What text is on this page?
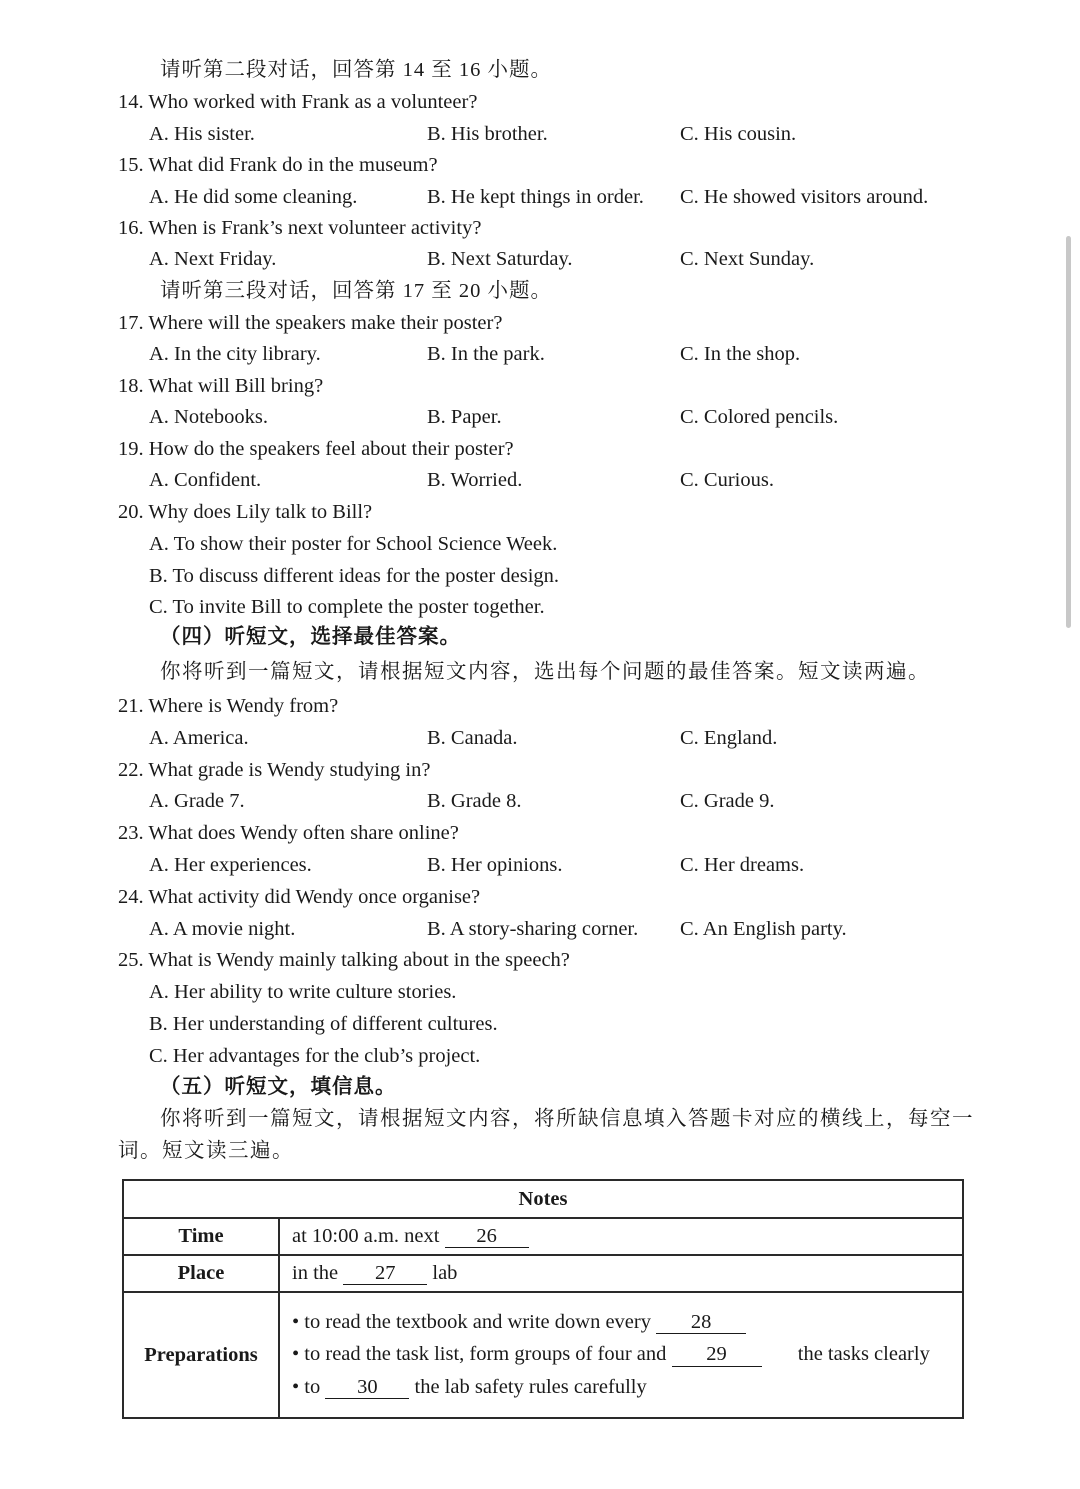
请听第二段对话，回答第 14 至 16 小题。
14. Who worked with Frank as a volunteer?
A. His sister.	B. His brother.	C. His cousin.
15. What did Frank do in the museum?
A. He did some cleaning.	B. He kept things in order. C. He showed visitors around.
16. When is Frank’s next volunteer activity?
A. Next Friday.	B. Next Saturday.	C. Next Sunday.
请听第三段对话，回答第 17 至 20 小题。
17. Where will the speakers make their poster?
A. In the city library.	B. In the park.	C. In the shop.
18. What will Bill bring?
A. Notebooks.	B. Paper.	C. Colored pencils.
19. How do the speakers feel about their poster?
A. Confident.	B. Worried.	C. Curious.
20. Why does Lily talk to Bill?
A. To show their poster for School Science Week.
B. To discuss different ideas for the poster design.
C. To invite Bill to complete the poster together.
（四）听短文，选择最佳答案。
你将听到一篇短文，请根据短文内容，选出每个问题的最佳答案。短文读两遍。
21. Where is Wendy from?
A. America.	B. Canada.	C. England.
22. What grade is Wendy studying in?
A. Grade 7.	B. Grade 8.	C. Grade 9.
23. What does Wendy often share online?
A. Her experiences.	B. Her opinions.	C. Her dreams.
24. What activity did Wendy once organise?
A. A movie night.	B. A story-sharing corner. C. An English party.
25. What is Wendy mainly talking about in the speech?
A. Her ability to write culture stories.
B. Her understanding of different cultures.
C. Her advantages for the club’s project.
（五）听短文，填信息。
你将听到一篇短文，请根据短文内容，将所缺信息填入答题卡对应的横线上，每空一
词。短文读三遍。
Notes	
Time	at 10:00 a.m. next 26
Place	in the 27 lab
Preparations	• to read the textbook and write down every 28
• to read the task list, form groups of four and 29 the tasks clearly
• to 30 the lab safety rules carefully
